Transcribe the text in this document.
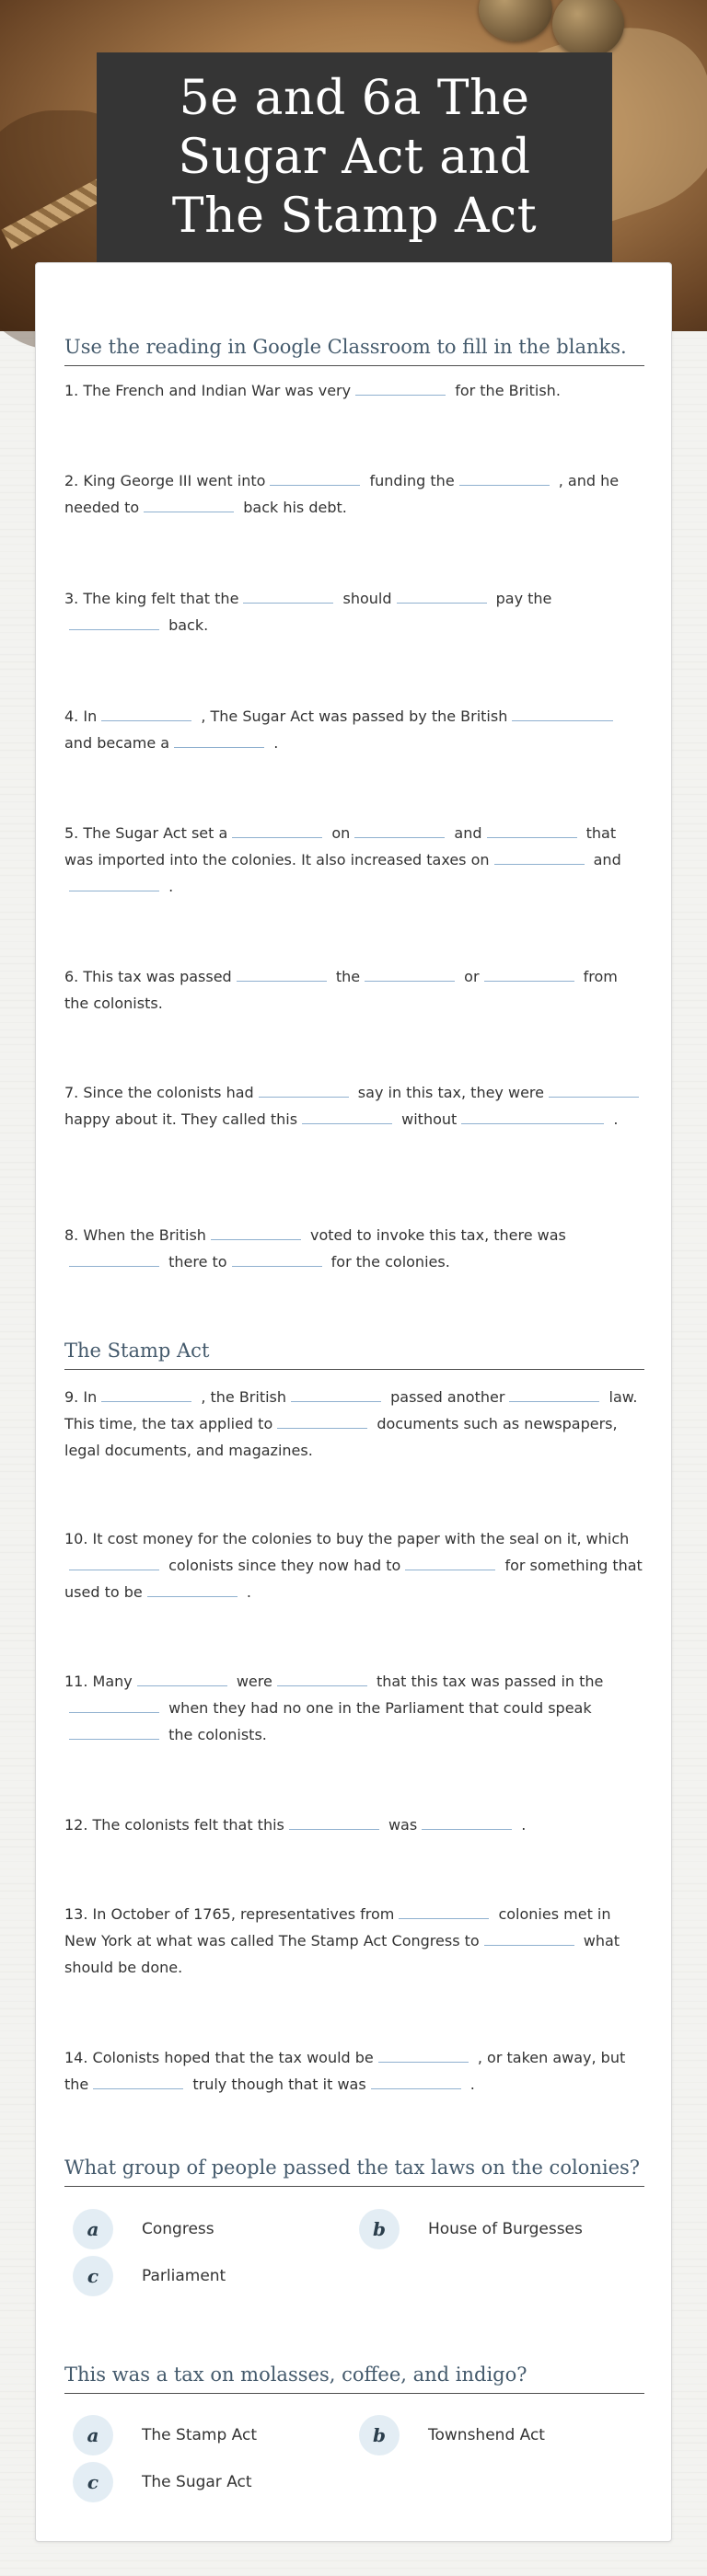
5e and 6a The Sugar Act and The Stamp Act
Use the reading in Google Classroom to fill in the blanks.
1. The French and Indian War was very	for the British.
2. King George III went into	funding the	, and he needed to	back his debt.
3. The king felt that the	should	pay the back.
4. In	, The Sugar Act was passed by the British and became a	.
5. The Sugar Act set a	on	and	that was imported into the colonies. It also increased taxes on	and .
6. This tax was passed	the	or	from the colonists.
7. Since the colonists had	say in this tax, they were happy about it. They called this	without	.
8. When the British	voted to invoke this tax, there was there to	for the colonies.
The Stamp Act
9. In	, the British	passed another	law. This time, the tax applied to	documents such as newspapers, legal documents, and magazines.
10. It cost money for the colonies to buy the paper with the seal on it, which colonists since they now had to	for something that used to be	.
11. Many	were	that this tax was passed in the when they had no one in the Parliament that could speak the colonists.
12. The colonists felt that this	was	.
13. In October of 1765, representatives from	colonies met in New York at what was called The Stamp Act Congress to	what should be done.
14. Colonists hoped that the tax would be	, or taken away, but the	truly though that it was	.
What group of people passed the tax laws on the colonies?
a	Congress	b	House of Burgesses
c	Parliament
This was a tax on molasses, coffee, and indigo?
a	The Stamp Act	b	Townshend Act
c	The Sugar Act
